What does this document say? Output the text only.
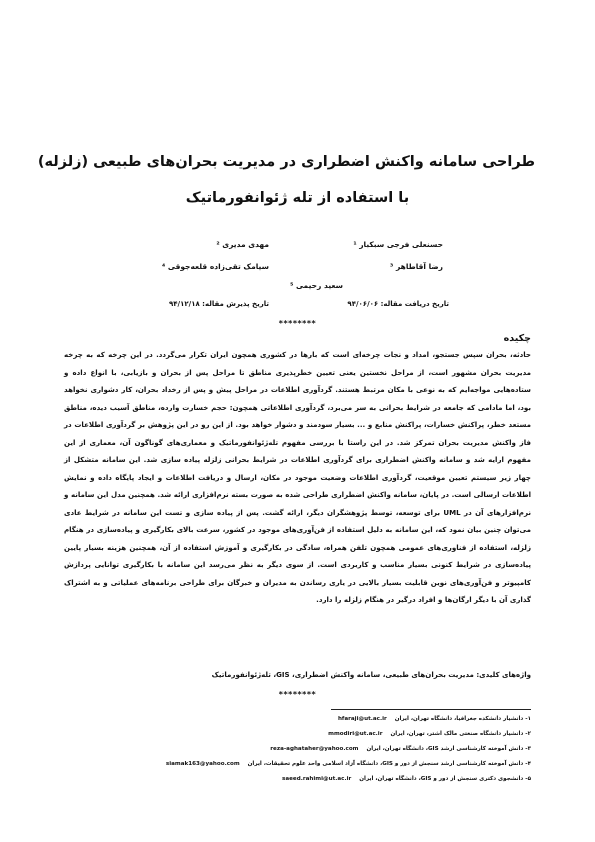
طراحی سامانه واکنش اضطراری در مدیریت بحران‌های طبیعی (زلزله)
با استفاده از تله ژئوانفورماتیک
حسنعلی فرجی سبکبار ¹
مهدی مدیری ²
رضا آقاطاهر ³
سیامک تقی‌زاده قلعه‌جوقی ⁴
سعید رحیمی ⁵
تاریخ دریافت مقاله: ۹۴/۰۶/۰۶
تاریخ پذیرش مقاله: ۹۴/۱۲/۱۸
********
چکیده

حادثه، بحران سپس جستجو، امداد و نجات چرخه‌ای است که بارها در کشوری همچون ایران تکرار می‌گردد. در این چرخه که به چرخه مدیریت بحران مشهور است، از مراحل نخستین یعنی تعیین خطرپذیری مناطق تا مراحل پس از بحران و بازیابی، با انواع داده و ستاده‌هایی مواجه‌ایم که به نوعی با مکان مرتبط هستند. گردآوری اطلاعات در مراحل پیش و پس از رخداد بحران، کار دشواری نخواهد بود، اما مادامی که جامعه در شرایط بحرانی به سر می‌برد، گردآوری اطلاعاتی همچون: حجم خسارت وارده، مناطق آسیب دیده، مناطق مستعد خطر، پراکنش خسارات، پراکنش منابع و ... بسیار سودمند و دشوار خواهد بود. از این رو در این پژوهش بر گردآوری اطلاعات در فاز واکنش مدیریت بحران تمرکز شد. در این راستا با بررسی مفهوم تله‌ژئوانفورماتیک و معماری‌های گوناگون آن، معماری از این مفهوم ارایه شد و سامانه واکنش اضطراری برای گردآوری اطلاعات در شرایط بحرانی زلزله پیاده سازی شد. این سامانه متشکل از چهار زیر سیستم تعیین موقعیت، گردآوری اطلاعات وضعیت موجود در مکان، ارسال و دریافت اطلاعات و ایجاد پایگاه داده و نمایش اطلاعات ارسالی است. در پایان، سامانه واکنش اضطراری طراحی شده به صورت بسته نرم‌افزاری ارائه شد. همچنین مدل این سامانه و نرم‌افزارهای آن در UML برای توسعه، توسط پژوهشگران دیگر، ارائه گشت. پس از پیاده سازی و تست این سامانه در شرایط عادی می‌توان چنین بیان نمود که، این سامانه به دلیل استفاده از فن‌آوری‌های موجود در کشور، سرعت بالای بکارگیری و پیاده‌سازی در هنگام زلزله، استفاده از فناوری‌های عمومی همچون تلفن همراه، سادگی در بکارگیری و آموزش استفاده از آن، همچنین هزینه بسیار پایین پیاده‌سازی در شرایط کنونی بسیار مناسب و کاربردی است. از سوی دیگر به نظر می‌رسد این سامانه با بکارگیری توانایی پردازش کامپیوتر و فن‌آوری‌های نوین قابلیت بسیار بالایی در یاری رساندن به مدیران و خبرگان برای طراحی برنامه‌های عملیاتی و به اشتراک گذاری آن با دیگر ارگان‌ها و افراد درگیر در هنگام زلزله را دارد.

واژه‌های کلیدی: مدیریت بحران‌های طبیعی، سامانه واکنش اضطراری، GIS، تله‌ژئوانفورماتیک
********
۱- دانشیار دانشکده جغرافیا، دانشگاه تهران، ایران hfaraji@ut.ac.ir
۲- دانشیار دانشگاه صنعتی مالک اشتر، تهران، ایران mmodiri@ut.ac.ir
۳- دانش آموخته کارشناسی ارشد GIS، دانشگاه تهران، ایران reza-aghataher@yahoo.com
۴- دانش آموخته کارشناسی ارشد سنجش از دور و GIS، دانشگاه آزاد اسلامی واحد علوم تحقیقات، ایران siamak163@yahoo.com
۵- دانشجوی دکتری سنجش از دور و GIS، دانشگاه تهران، ایران saeed.rahimi@ut.ac.ir
